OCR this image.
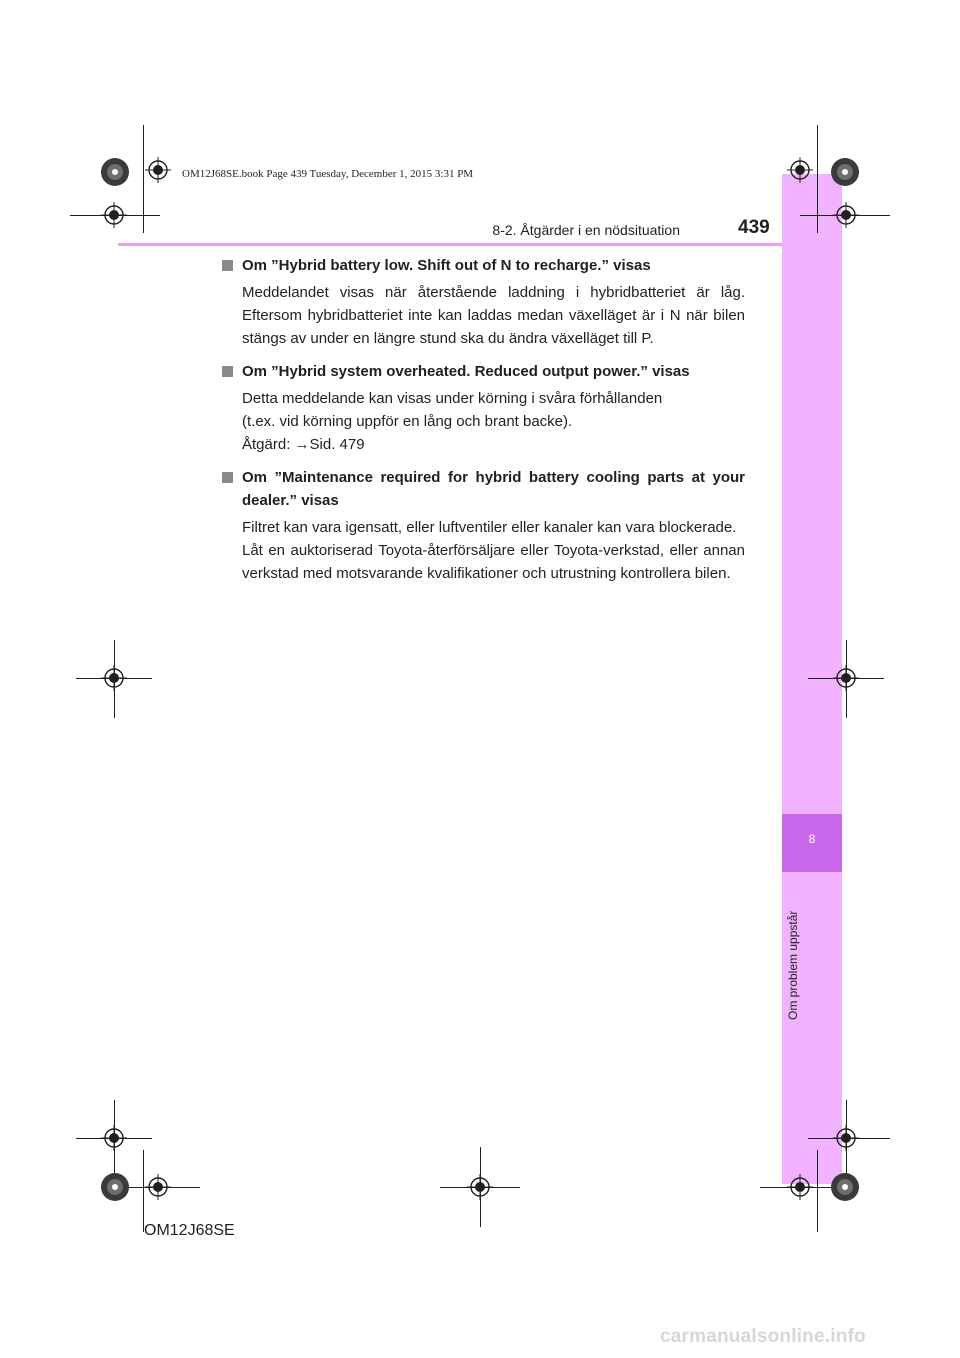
8
Om problem uppstår
OM12J68SE.book Page 439 Tuesday, December 1, 2015 3:31 PM
8-2. Åtgärder i en nödsituation	439
Om ”Hybrid battery low. Shift out of N to recharge.” visas

Meddelandet visas när återstående laddning i hybridbatteriet är låg. Eftersom hybridbatteriet inte kan laddas medan växelläget är i N när bilen stängs av under en längre stund ska du ändra växelläget till P.

Om ”Hybrid system overheated. Reduced output power.” visas

Detta meddelande kan visas under körning i svåra förhållanden

(t.ex. vid körning uppför en lång och brant backe).

Åtgärd: →Sid. 479

Om ”Maintenance required for hybrid battery cooling parts at your dealer.” visas

Filtret kan vara igensatt, eller luftventiler eller kanaler kan vara blockerade.

Låt en auktoriserad Toyota-återförsäljare eller Toyota-verkstad, eller annan verkstad med motsvarande kvalifikationer och utrustning kontrollera bilen.

OM12J68SE
carmanualsonline.info
